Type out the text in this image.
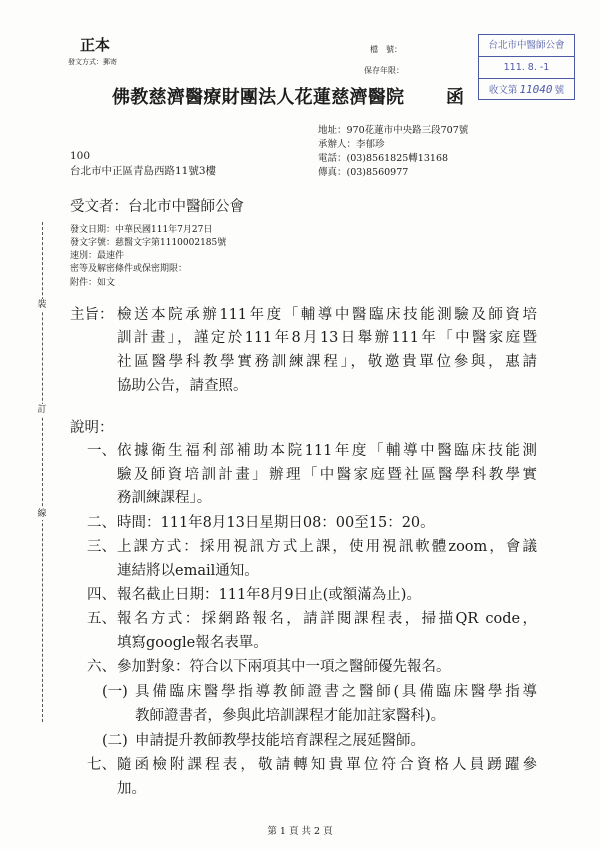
正本
發文方式：郵寄
檔　號：
保存年限：
台北市中醫師公會
111. 8. -1
收文第 11040 號
佛教慈濟醫療財團法人花蓮慈濟醫院 函
地址：970花蓮市中央路三段707號
承辦人：李郁珍
電話：(03)8561825轉13168
傳真：(03)8560977
100
台北市中正區青島西路11號3樓
受文者：台北市中醫師公會
發文日期：中華民國111年7月27日
發文字號：慈醫文字第1110002185號
速別：最速件
密等及解密條件或保密期限：
附件：如文
裝
訂
線
主旨： 檢送本院承辦111年度「輔導中醫臨床技能測驗及師資培
訓計畫」，謹定於111年8月13日舉辦111年「中醫家庭暨
社區醫學科教學實務訓練課程」，敬邀貴單位參與，惠請
協助公告，請查照。
說明：
一、 依據衛生福利部補助本院111年度「輔導中醫臨床技能測
驗及師資培訓計畫」辦理「中醫家庭暨社區醫學科教學實
務訓練課程」。
二、 時間：111年8月13日星期日08：00至15：20。
三、 上課方式：採用視訊方式上課，使用視訊軟體zoom，會議
連結將以email通知。
四、 報名截止日期：111年8月9日止(或額滿為止)。
五、 報名方式：採網路報名，請詳閱課程表，掃描QR code，
填寫google報名表單。
六、 參加對象：符合以下兩項其中一項之醫師優先報名。
(一) 具備臨床醫學指導教師證書之醫師(具備臨床醫學指導
教師證書者，參與此培訓課程才能加註家醫科)。
(二) 申請提升教師教學技能培育課程之展延醫師。
七、 隨函檢附課程表，敬請轉知貴單位符合資格人員踴躍參
加。
第 1 頁 共 2 頁
